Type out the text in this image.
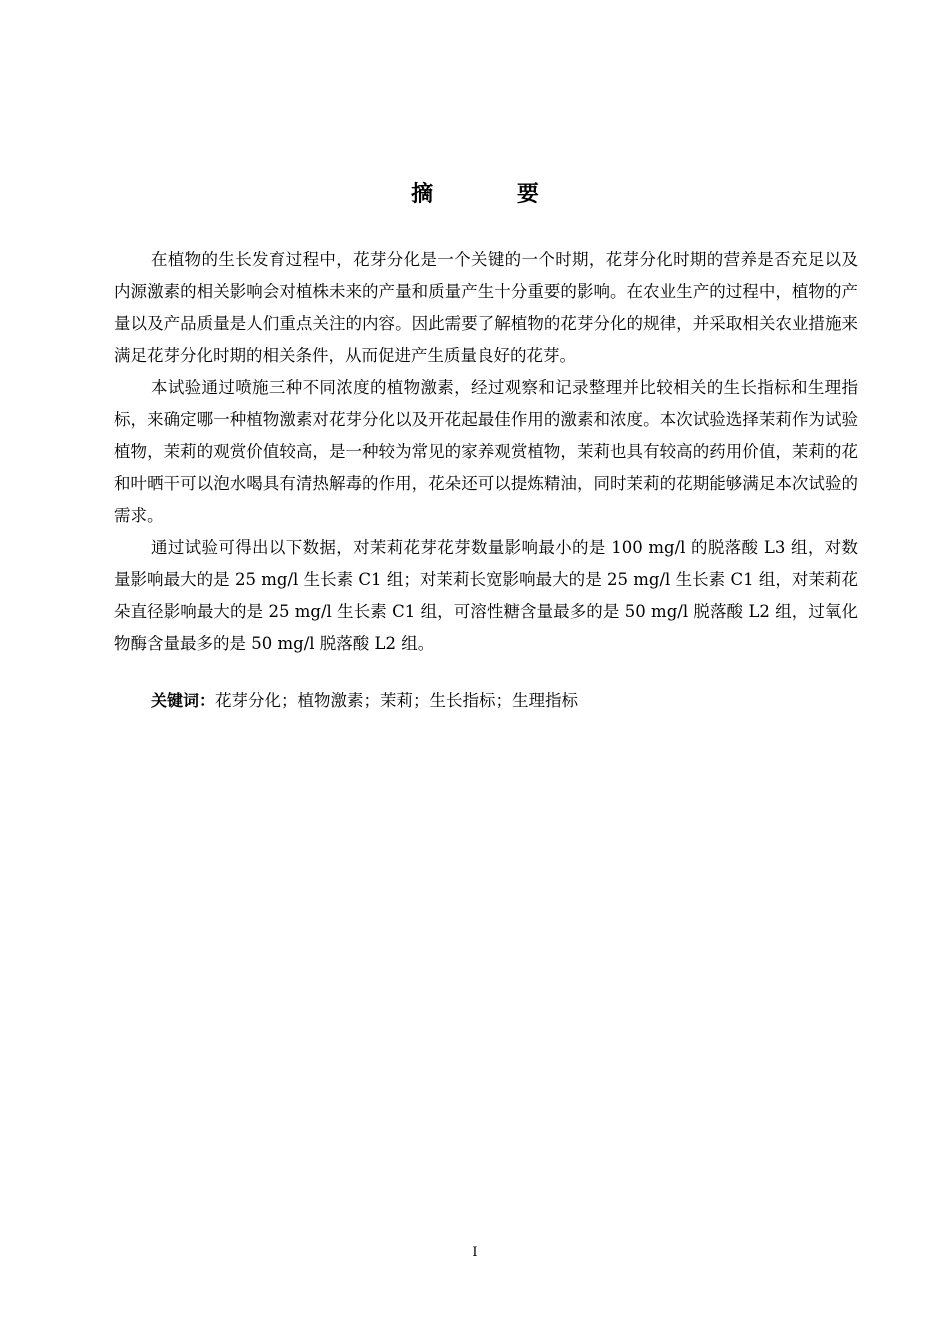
摘 要

在植物的生长发育过程中，花芽分化是一个关键的一个时期，花芽分化时期的营养是否充足以及内源激素的相关影响会对植株未来的产量和质量产生十分重要的影响。在农业生产的过程中，植物的产量以及产品质量是人们重点关注的内容。因此需要了解植物的花芽分化的规律，并采取相关农业措施来满足花芽分化时期的相关条件，从而促进产生质量良好的花芽。

本试验通过喷施三种不同浓度的植物激素，经过观察和记录整理并比较相关的生长指标和生理指标，来确定哪一种植物激素对花芽分化以及开花起最佳作用的激素和浓度。本次试验选择茉莉作为试验植物，茉莉的观赏价值较高，是一种较为常见的家养观赏植物，茉莉也具有较高的药用价值，茉莉的花和叶晒干可以泡水喝具有清热解毒的作用，花朵还可以提炼精油，同时茉莉的花期能够满足本次试验的需求。

通过试验可得出以下数据，对茉莉花芽花芽数量影响最小的是 100 mg/l 的脱落酸 L3 组，对数量影响最大的是 25 mg/l 生长素 C1 组；对茉莉长宽影响最大的是 25 mg/l 生长素 C1 组，对茉莉花朵直径影响最大的是 25 mg/l 生长素 C1 组，可溶性糖含量最多的是 50 mg/l 脱落酸 L2 组，过氧化物酶含量最多的是 50 mg/l 脱落酸 L2 组。

关键词：花芽分化；植物激素；茉莉；生长指标；生理指标

I
